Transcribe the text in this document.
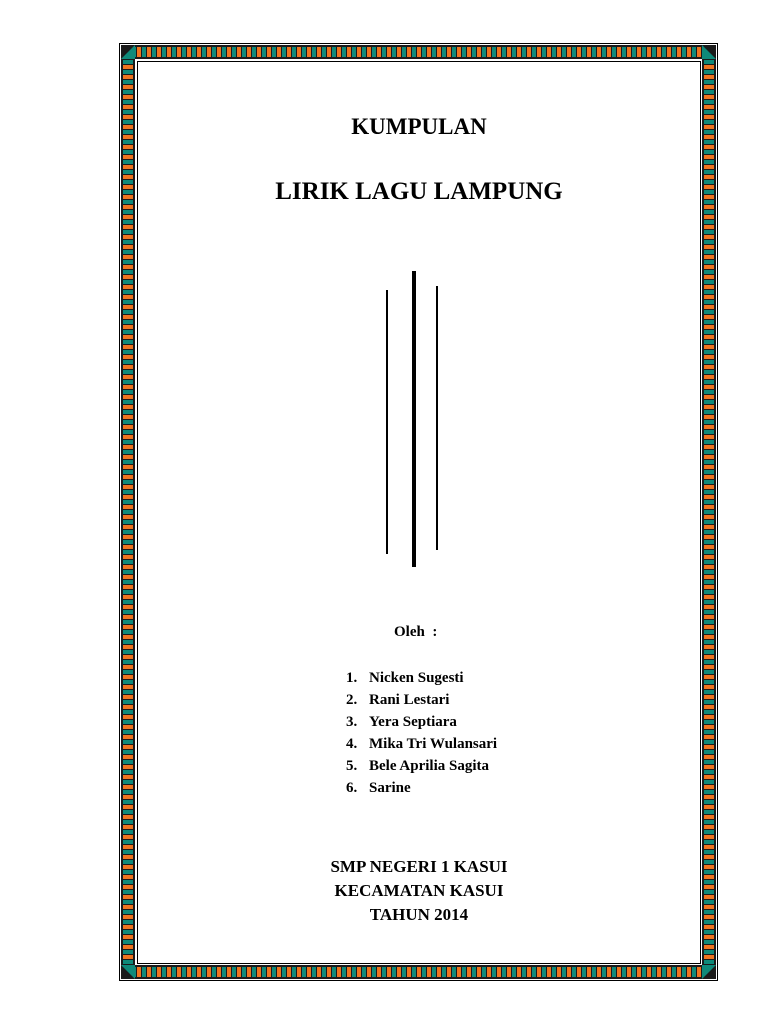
KUMPULAN
LIRIK LAGU LAMPUNG
Oleh  :
1. Nicken Sugesti
2. Rani Lestari
3. Yera Septiara
4. Mika Tri Wulansari
5. Bele Aprilia Sagita
6. Sarine

SMP NEGERI 1 KASUI

KECAMATAN KASUI

TAHUN 2014
